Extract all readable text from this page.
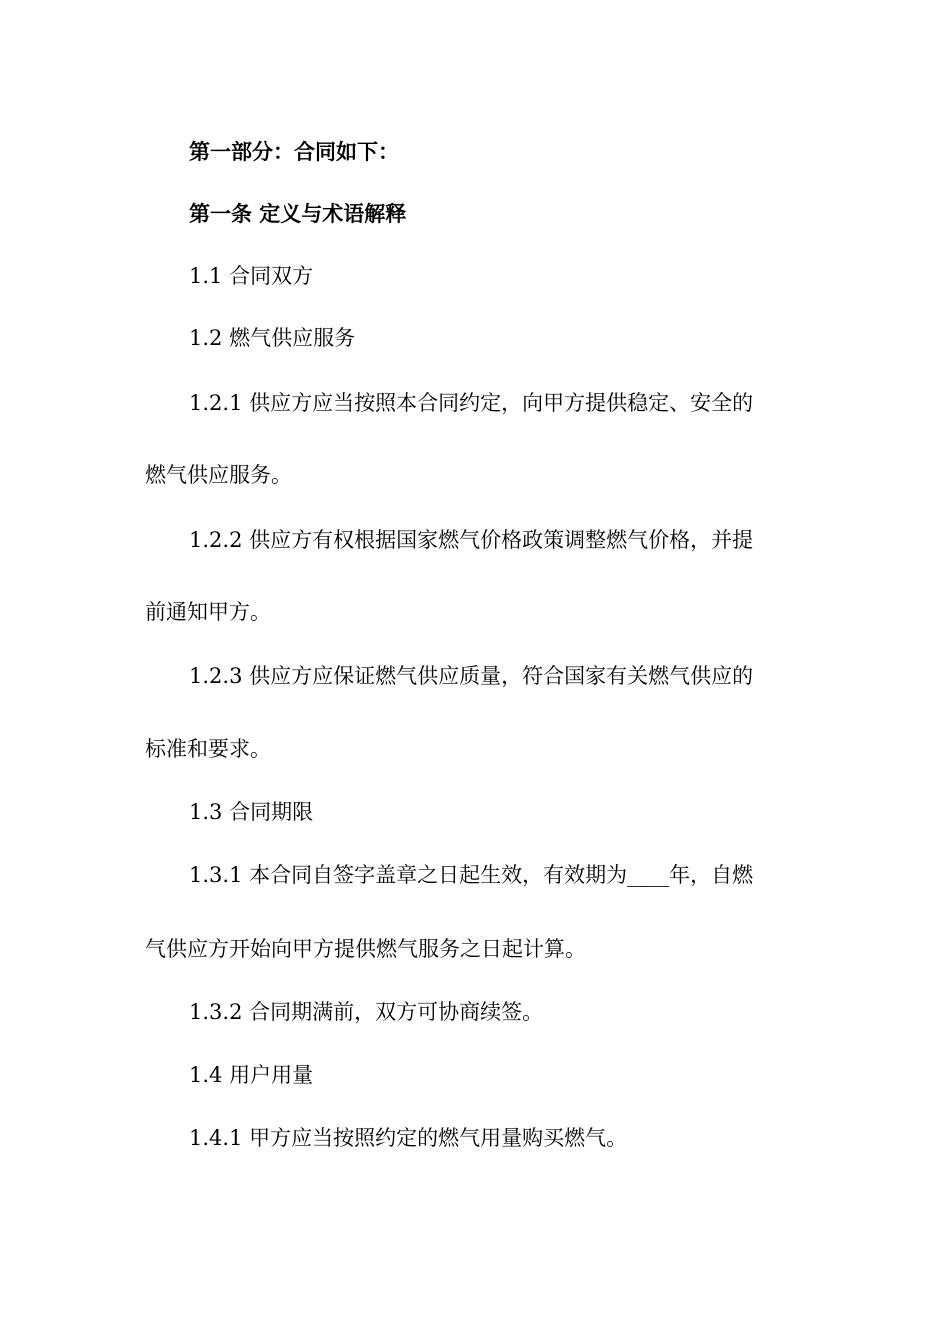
第一部分：合同如下：
第一条 定义与术语解释
1.1 合同双方
1.2 燃气供应服务
1.2.1 供应方应当按照本合同约定，向甲方提供稳定、安全的
燃气供应服务。
1.2.2 供应方有权根据国家燃气价格政策调整燃气价格，并提
前通知甲方。
1.2.3 供应方应保证燃气供应质量，符合国家有关燃气供应的
标准和要求。
1.3 合同期限
1.3.1 本合同自签字盖章之日起生效，有效期为____年，自燃
气供应方开始向甲方提供燃气服务之日起计算。
1.3.2 合同期满前，双方可协商续签。
1.4 用户用量
1.4.1 甲方应当按照约定的燃气用量购买燃气。
